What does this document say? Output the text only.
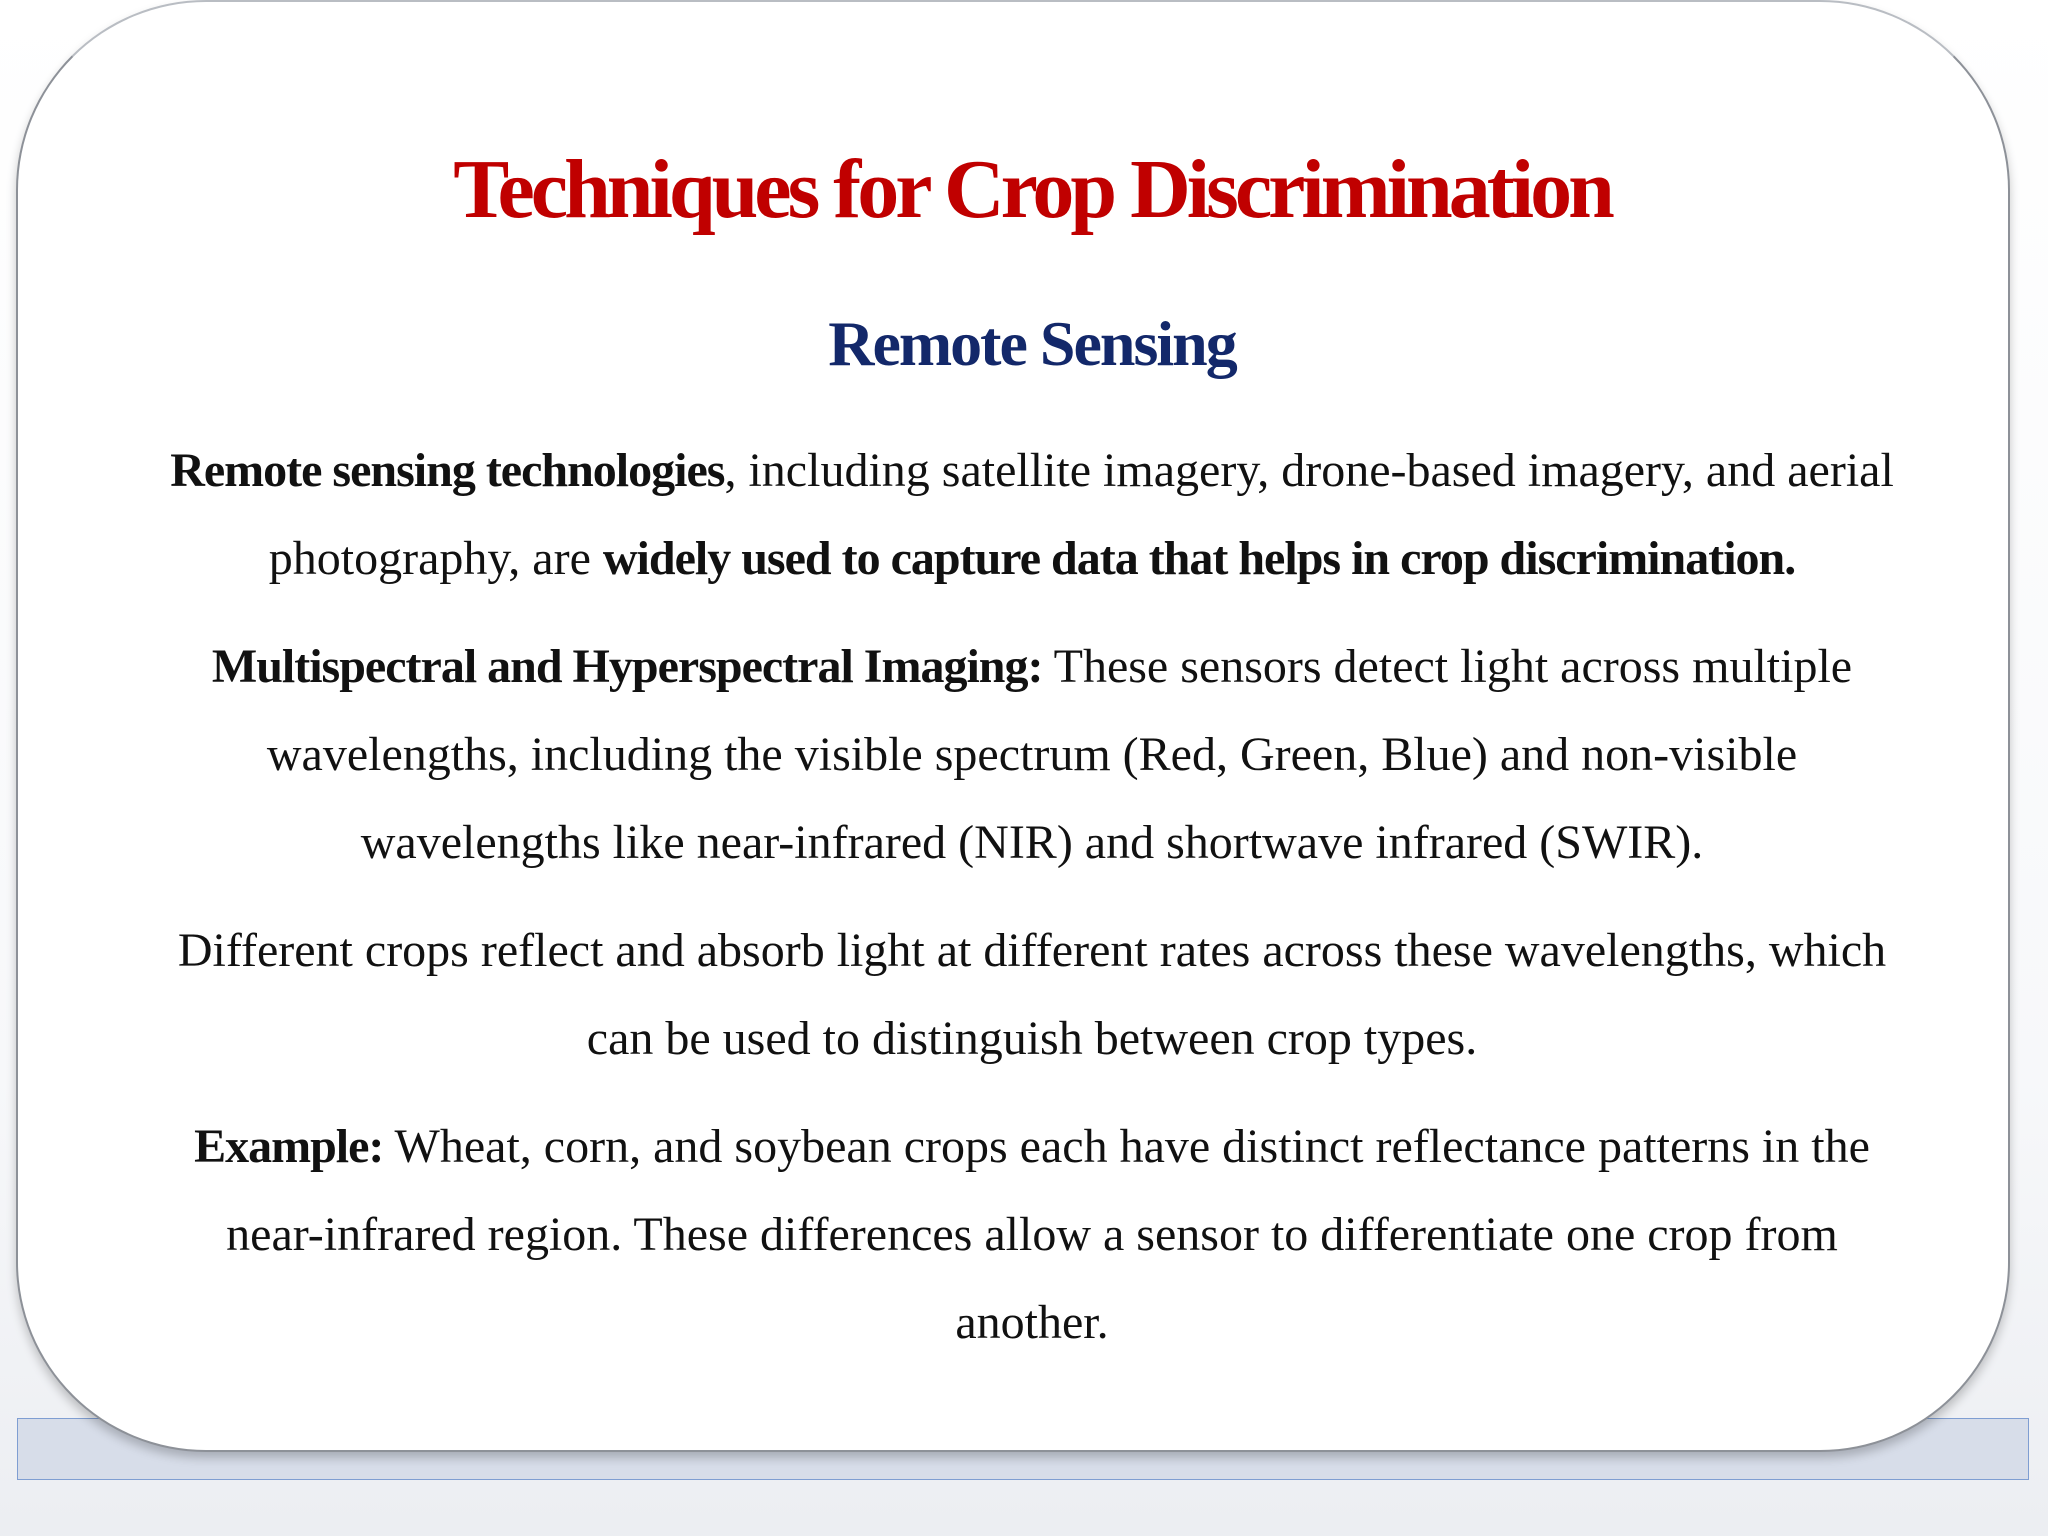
Techniques for Crop Discrimination
Remote Sensing
Remote sensing technologies, including satellite imagery, drone-based imagery, and aerial photography, are widely used to capture data that helps in crop discrimination.
Multispectral and Hyperspectral Imaging: These sensors detect light across multiple wavelengths, including the visible spectrum (Red, Green, Blue) and non-visible wavelengths like near-infrared (NIR) and shortwave infrared (SWIR).
Different crops reflect and absorb light at different rates across these wavelengths, which can be used to distinguish between crop types.
Example: Wheat, corn, and soybean crops each have distinct reflectance patterns in the near-infrared region. These differences allow a sensor to differentiate one crop from another.
